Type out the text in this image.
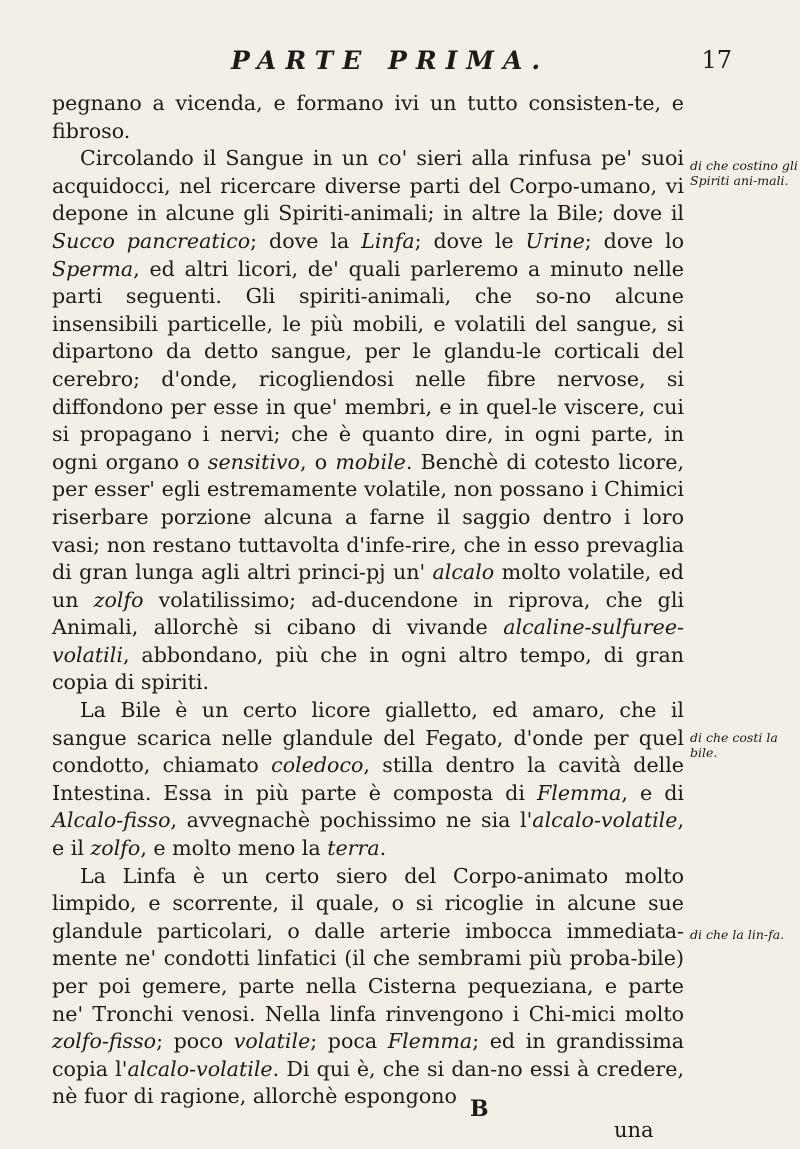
PARTE PRIMA.	17

pegnano a vicenda, e formano ivi un tutto consisten-te, e fibroso.

Circolando il Sangue in un co' sieri alla rinfusa pe' suoi acquidocci, nel ricercare diverse parti del Corpo-umano, vi depone in alcune gli Spiriti-animali; in altre la Bile; dove il Succo pancreatico; dove la Linfa; dove le Urine; dove lo Sperma, ed altri licori, de' quali parleremo a minuto nelle parti seguenti. Gli spiriti-animali, che so-no alcune insensibili particelle, le più mobili, e volatili del sangue, si dipartono da detto sangue, per le glandu-le corticali del cerebro; d'onde, ricogliendosi nelle fibre nervose, si diffondono per esse in que' membri, e in quel-le viscere, cui si propagano i nervi; che è quanto dire, in ogni parte, in ogni organo o sensitivo, o mobile. Benchè di cotesto licore, per esser' egli estremamente volatile, non possano i Chimici riserbare porzione alcuna a farne il saggio dentro i loro vasi; non restano tuttavolta d'infe-rire, che in esso prevaglia di gran lunga agli altri princi-pj un' alcalo molto volatile, ed un zolfo volatilissimo; ad-ducendone in riprova, che gli Animali, allorchè si cibano di vivande alcaline-sulfuree-volatili, abbondano, più che in ogni altro tempo, di gran copia di spiriti.

La Bile è un certo licore gialletto, ed amaro, che il sangue scarica nelle glandule del Fegato, d'onde per quel condotto, chiamato coledoco, stilla dentro la cavità delle Intestina. Essa in più parte è composta di Flemma, e di Alcalo-fisso, avvegnachè pochissimo ne sia l'alcalo-volatile, e il zolfo, e molto meno la terra.

La Linfa è un certo siero del Corpo-animato molto limpido, e scorrente, il quale, o si ricoglie in alcune sue glandule particolari, o dalle arterie imbocca immediata-mente ne' condotti linfatici (il che sembrami più proba-bile) per poi gemere, parte nella Cisterna pequeziana, e parte ne' Tronchi venosi. Nella linfa rinvengono i Chi-mici molto zolfo-fisso; poco volatile; poca Flemma; ed in grandissima copia l'alcalo-volatile. Di qui è, che si dan-no essi à credere, nè fuor di ragione, allorchè espongono

di che costino gli Spiriti ani-mali.
di che costi la bile.
di che la lin-fa.
B
una
